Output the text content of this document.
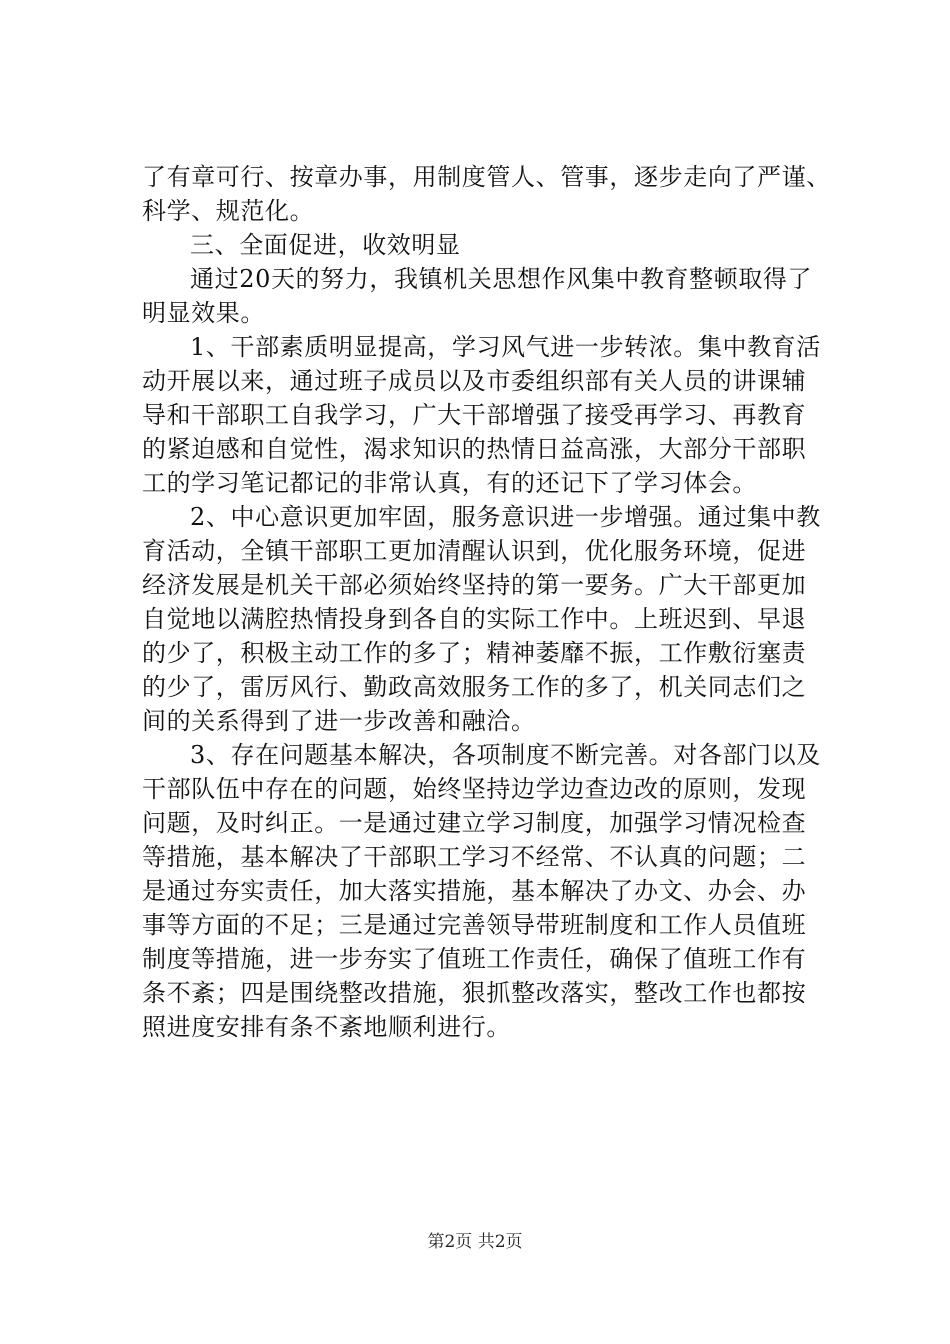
了有章可行、按章办事，用制度管人、管事，逐步走向了严谨、
科学、规范化。
三、全面促进，收效明显
通过20天的努力，我镇机关思想作风集中教育整顿取得了
明显效果。
1、干部素质明显提高，学习风气进一步转浓。集中教育活
动开展以来，通过班子成员以及市委组织部有关人员的讲课辅
导和干部职工自我学习，广大干部增强了接受再学习、再教育
的紧迫感和自觉性，渴求知识的热情日益高涨，大部分干部职
工的学习笔记都记的非常认真，有的还记下了学习体会。
2、中心意识更加牢固，服务意识进一步增强。通过集中教
育活动，全镇干部职工更加清醒认识到，优化服务环境，促进
经济发展是机关干部必须始终坚持的第一要务。广大干部更加
自觉地以满腔热情投身到各自的实际工作中。上班迟到、早退
的少了，积极主动工作的多了；精神萎靡不振，工作敷衍塞责
的少了，雷厉风行、勤政高效服务工作的多了，机关同志们之
间的关系得到了进一步改善和融洽。
3、存在问题基本解决，各项制度不断完善。对各部门以及
干部队伍中存在的问题，始终坚持边学边查边改的原则，发现
问题，及时纠正。一是通过建立学习制度，加强学习情况检查
等措施，基本解决了干部职工学习不经常、不认真的问题；二
是通过夯实责任，加大落实措施，基本解决了办文、办会、办
事等方面的不足；三是通过完善领导带班制度和工作人员值班
制度等措施，进一步夯实了值班工作责任，确保了值班工作有
条不紊；四是围绕整改措施，狠抓整改落实，整改工作也都按
照进度安排有条不紊地顺利进行。
第2页 共2页
